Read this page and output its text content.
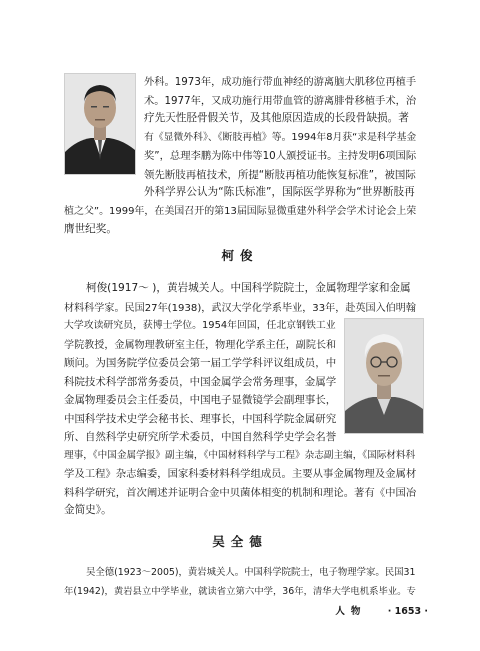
外科。1973年，成功施行带血神经的游离脑大肌移位再植手
术。1977年，又成功施行用带血管的游离腓骨移植手术，治
疗先天性胫骨假关节，及其他原因造成的长段骨缺损。著
有《显微外科》、《断肢再植》等。1994年8月获“求是科学基金
奖”，总理李鹏为陈中伟等10人颁授证书。主持发明6项国际
领先断肢再植技术，所提“断肢再植功能恢复标准”，被国际
外科学界公认为“陈氏标准”，国际医学界称为“世界断肢再
植之父”。1999年，在美国召开的第13届国际显微重建外科学会学术讨论会上荣
膺世纪奖。
柯俊
柯俊(1917～ )，黄岩城关人。中国科学院院士，金属物理学家和金属
材料科学家。民国27年(1938)，武汉大学化学系毕业，33年，赴英国入伯明翰
大学攻读研究员，获博士学位。1954年回国，任北京钢铁工业
学院教授，金属物理教研室主任，物理化学系主任，副院长和
顾问。为国务院学位委员会第一届工学学科评议组成员，中
科院技术科学部常务委员，中国金属学会常务理事，金属学
金属物理委员会主任委员，中国电子显微镜学会副理事长，
中国科学技术史学会秘书长、理事长，中国科学院金属研究
所、自然科学史研究所学术委员，中国自然科学史学会名誉
理事，《中国金属学报》副主编，《中国材料科学与工程》杂志副主编，《国际材料科
学及工程》杂志编委，国家科委材料科学组成员。主要从事金属物理及金属材
料科学研究，首次阐述并证明合金中贝菌体相变的机制和理论。著有《中国冶
金简史》。
吴全德
吴全德(1923～2005)，黄岩城关人。中国科学院院士，电子物理学家。民国31
年(1942)，黄岩县立中学毕业，就读省立第六中学，36年，清华大学电机系毕业。专
人物 · 1653 ·
